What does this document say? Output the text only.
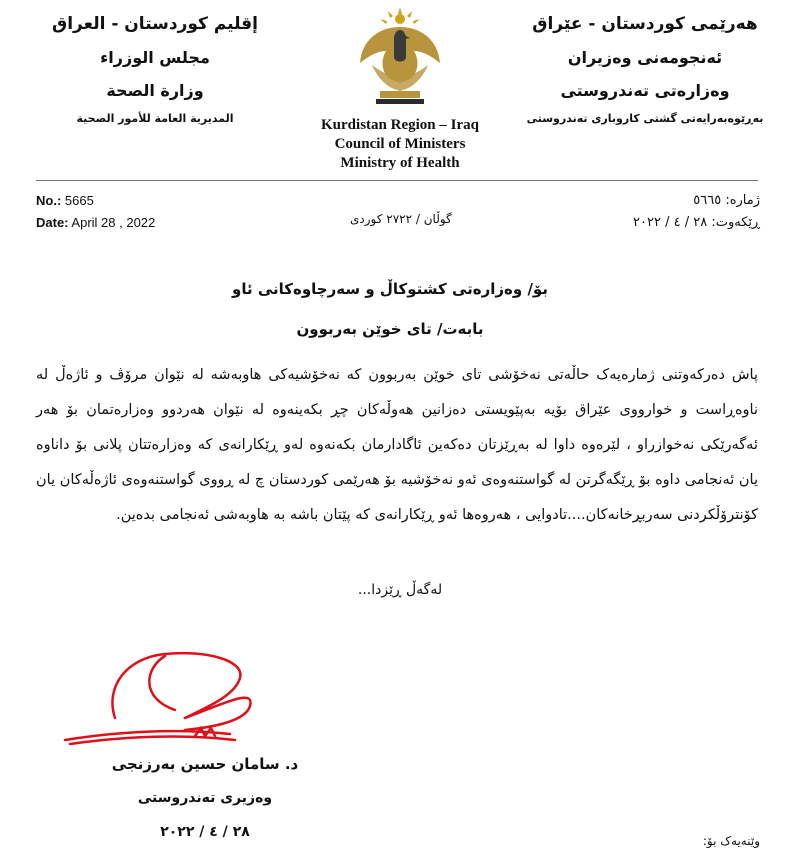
إقليم كوردستان - العراق
مجلس الوزراء
وزارة الصحة
المديرية العامة للأمور الصحية	Kurdistan Region – Iraq
Council of Ministers
Ministry of Health
هەرێمی کوردستان - عێراق
ئەنجومەنی وەزیران
وەزارەتی تەندروستی
بەڕێوەبەرایەتی گشتی کاروباری تەندروستی
No.: 5665
Date: April 28 , 2022	گوڵان / ٢٧٢٢ کوردی
ژمارە: ٥٦٦٥
ڕێکەوت: ٢٨ / ٤ / ٢٠٢٢
بۆ/ وەزارەتی کشتوکاڵ و سەرچاوەکانی ئاو
بابەت/ تای خوێن بەربوون
پاش دەرکەوتنی ژمارەیەک حاڵەتی نەخۆشی تای خوێن بەربوون کە نەخۆشیەکی هاوبەشە لە نێوان مرۆڤ و ئاژەڵ لە ناوەڕاست و خوارووی عێراق بۆیە بەپێویستی دەزانین هەوڵەکان چڕ بکەینەوە لە نێوان هەردوو وەزارەتمان بۆ هەر ئەگەرێکی نەخوازراو ، لێرەوە داوا لە بەڕێزتان دەکەین ئاگادارمان بکەنەوە لەو ڕێکارانەی کە وەزارەتتان پلانی بۆ داناوە یان ئەنجامی داوە بۆ ڕێگەگرتن لە گواستنەوەی ئەو نەخۆشیە بۆ هەرێمی کوردستان چ لە ڕووی گواستنەوەی ئاژەڵەکان یان کۆنترۆڵکردنی سەربڕخانەکان....تادوایی ، هەروەها ئەو ڕێکارانەی کە پێتان باشە بە هاوبەشی ئەنجامی بدەین.
لەگەڵ ڕێزدا...
د. سامان حسین بەرزنجی
وەزیری تەندروستی
٢٨ / ٤ / ٢٠٢٢
وێنەیەک بۆ:
